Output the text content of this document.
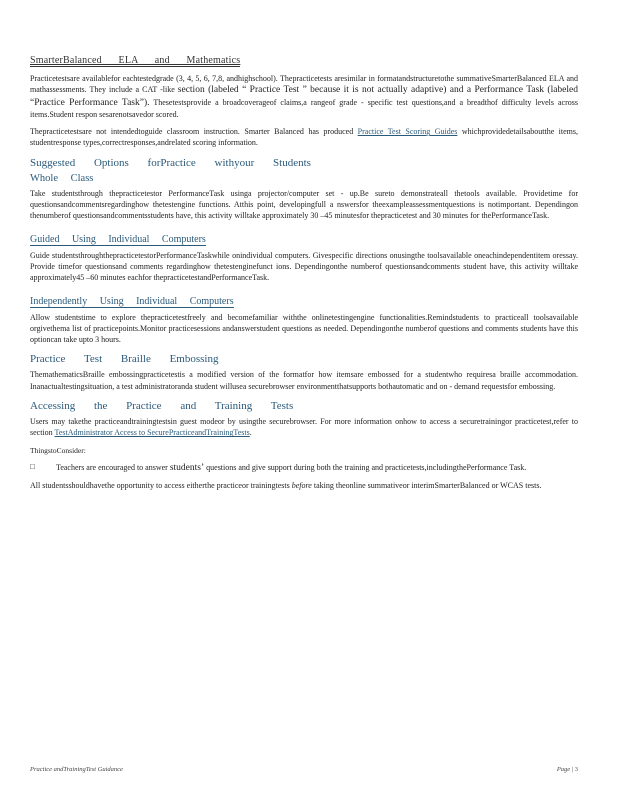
SmarterBalanced ELA and Mathematics

Practicetestsare availablefor eachtestedgrade (3, 4, 5, 6, 7,8, andhighschool). Thepracticetests aresimilar in formatandstructuretothe summativeSmarterBalanced ELA and mathassessments. They include a CAT -like section (labeled “ Practice Test ” because it is not actually adaptive) and a Performance Task (labeled “Practice Performance Task”). Thesetestsprovide a broadcoverageof claims,a rangeof grade - specific test questions,and a breadthof difficulty levels across items.Student respon sesarenotsavedor scored.

Thepracticetestsare not intendedtoguide classroom instruction. Smarter Balanced has produced Practice Test Scoring Guides whichprovidedetailsaboutthe items, studentresponse types,correctresponses,andrelated scoring information.

Suggested Options forPractice withyour Students
Whole Class

Take studentsthrough thepracticetestor PerformanceTask usinga projector/computer set - up.Be sureto demonstrateall thetools available. Providetime for questionsandcommentsregardinghow thetestengine functions. Atthis point, developingfull a nswersfor theexampleassessmentquestions is notimportant. Dependingon thenumberof questionsandcommentsstudents have, this activity willtake approximately 30 –45 minutesfor thepracticetest and 30 minutes for thePerformanceTask.

Guided Using Individual Computers

Guide studentsthroughthepracticetestorPerformanceTaskwhile onindividual computers. Givespecific directions onusingthe toolsavailable oneachindependentitem oressay. Provide timefor questionsand comments regardinghow thetestenginefunct ions. Dependingonthe numberof questionsandcomments student have, this activity willtake approximately45 –60 minutes eachfor thepracticetestandPerformanceTask.

Independently Using Individual Computers

Allow studentstime to explore thepracticetestfreely and becomefamiliar withthe onlinetestingengine functionalities.Remindstudents to practiceall toolsavailable orgivethema list of practicepoints.Monitor practicesessions andanswerstudent questions as needed. Dependingonthe numberof questions and comments students have this optioncan take upto 3 hours.

Practice Test Braille Embossing

ThemathematicsBraille embossingpracticetestis a modified version of the formatfor how itemsare embossed for a studentwho requiresa braille accommodation. Inanactualtestingsituation, a test administratoranda student willusea securebrowser environmentthatsupports bothautomatic and on - demand requestsfor embossing.

Accessing the Practice and Training Tests

Users may takethe practiceandtrainingtestsin guest modeor by usingthe securebrowser. For more information onhow to access a securetrainingor practicetest,refer to section TestAdministrator Access to SecurePracticeandTrainingTests.

ThingstoConsider:

□	Teachers are encouraged to answer students’ questions and give support during both the training and practicetests,includingthePerformance Task.

All studentsshouldhavethe opportunity to access eitherthe practiceor trainingtests before taking theonline summativeor interimSmarterBalanced or WCAS tests.

Practice andTrainingTest Guidance	Page | 3
